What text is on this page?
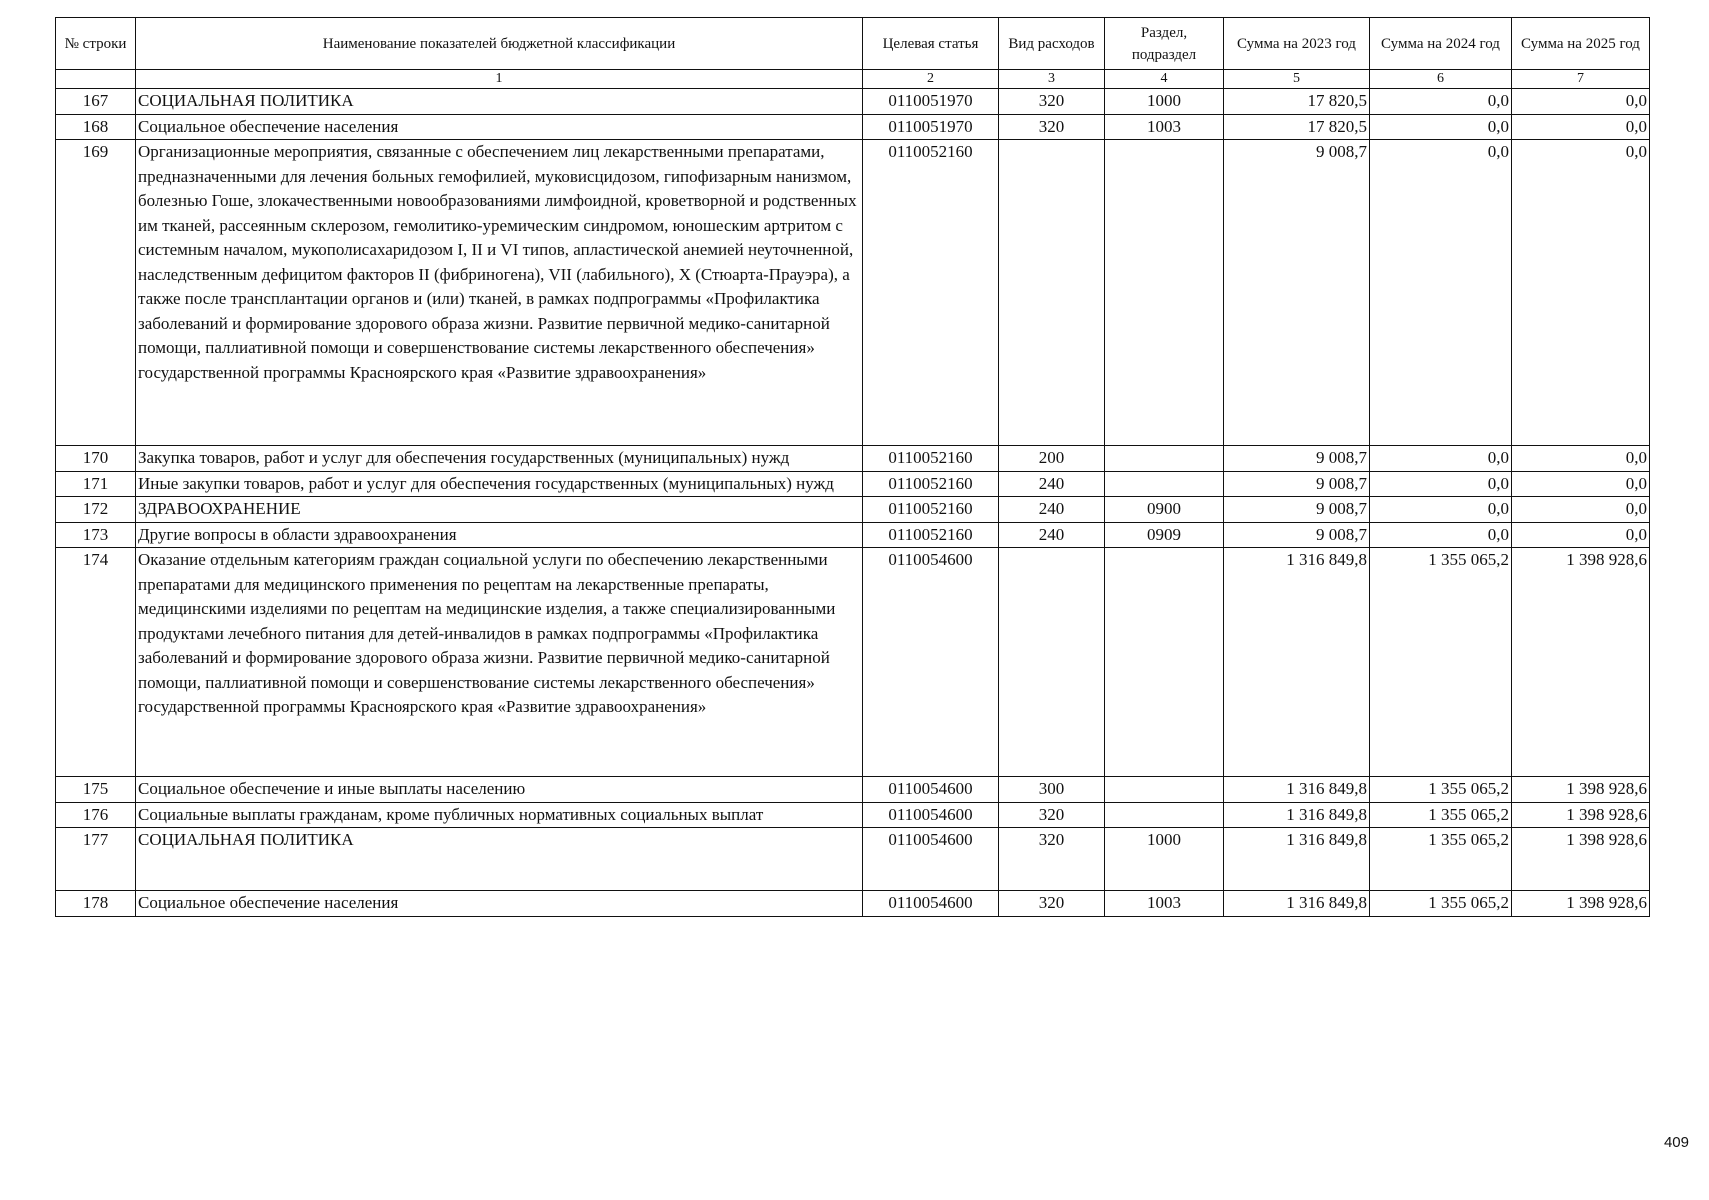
№ строки	Наименование показателей бюджетной классификации	Целевая статья	Вид расходов	Раздел, подраздел	Сумма на 2023 год	Сумма на 2024 год	Сумма на 2025 год
	1	2	3	4	5	6	7
167	СОЦИАЛЬНАЯ ПОЛИТИКА	0110051970	320	1000	17 820,5	0,0	0,0
168	Социальное обеспечение населения	0110051970	320	1003	17 820,5	0,0	0,0
169	Организационные мероприятия, связанные с обеспечением лиц лекарственными препаратами, предназначенными для лечения больных гемофилией, муковисцидозом, гипофизарным нанизмом, болезнью Гоше, злокачественными новообразованиями лимфоидной, кроветворной и родственных им тканей, рассеянным склерозом, гемолитико-уремическим синдромом, юношеским артритом с системным началом, мукополисахаридозом I, II и VI типов, апластической анемией неуточненной, наследственным дефицитом факторов II (фибриногена), VII (лабильного), X (Стюарта-Прауэра), а также после трансплантации органов и (или) тканей, в рамках подпрограммы «Профилактика заболеваний и формирование здорового образа жизни. Развитие первичной медико-санитарной помощи, паллиативной помощи и совершенствование системы лекарственного обеспечения» государственной программы Красноярского края «Развитие здравоохранения»	0110052160			9 008,7	0,0	0,0
170	Закупка товаров, работ и услуг для обеспечения государственных (муниципальных) нужд	0110052160	200		9 008,7	0,0	0,0
171	Иные закупки товаров, работ и услуг для обеспечения государственных (муниципальных) нужд	0110052160	240		9 008,7	0,0	0,0
172	ЗДРАВООХРАНЕНИЕ	0110052160	240	0900	9 008,7	0,0	0,0
173	Другие вопросы в области здравоохранения	0110052160	240	0909	9 008,7	0,0	0,0
174	Оказание отдельным категориям граждан социальной услуги по обеспечению лекарственными препаратами для медицинского применения по рецептам на лекарственные препараты, медицинскими изделиями по рецептам на медицинские изделия, а также специализированными продуктами лечебного питания для детей-инвалидов в рамках подпрограммы «Профилактика заболеваний и формирование здорового образа жизни. Развитие первичной медико-санитарной помощи, паллиативной помощи и совершенствование системы лекарственного обеспечения» государственной программы Красноярского края «Развитие здравоохранения»	0110054600			1 316 849,8	1 355 065,2	1 398 928,6
175	Социальное обеспечение и иные выплаты населению	0110054600	300		1 316 849,8	1 355 065,2	1 398 928,6
176	Социальные выплаты гражданам, кроме публичных нормативных социальных выплат	0110054600	320		1 316 849,8	1 355 065,2	1 398 928,6
177	СОЦИАЛЬНАЯ ПОЛИТИКА	0110054600	320	1000	1 316 849,8	1 355 065,2	1 398 928,6
178	Социальное обеспечение населения	0110054600	320	1003	1 316 849,8	1 355 065,2	1 398 928,6
409
